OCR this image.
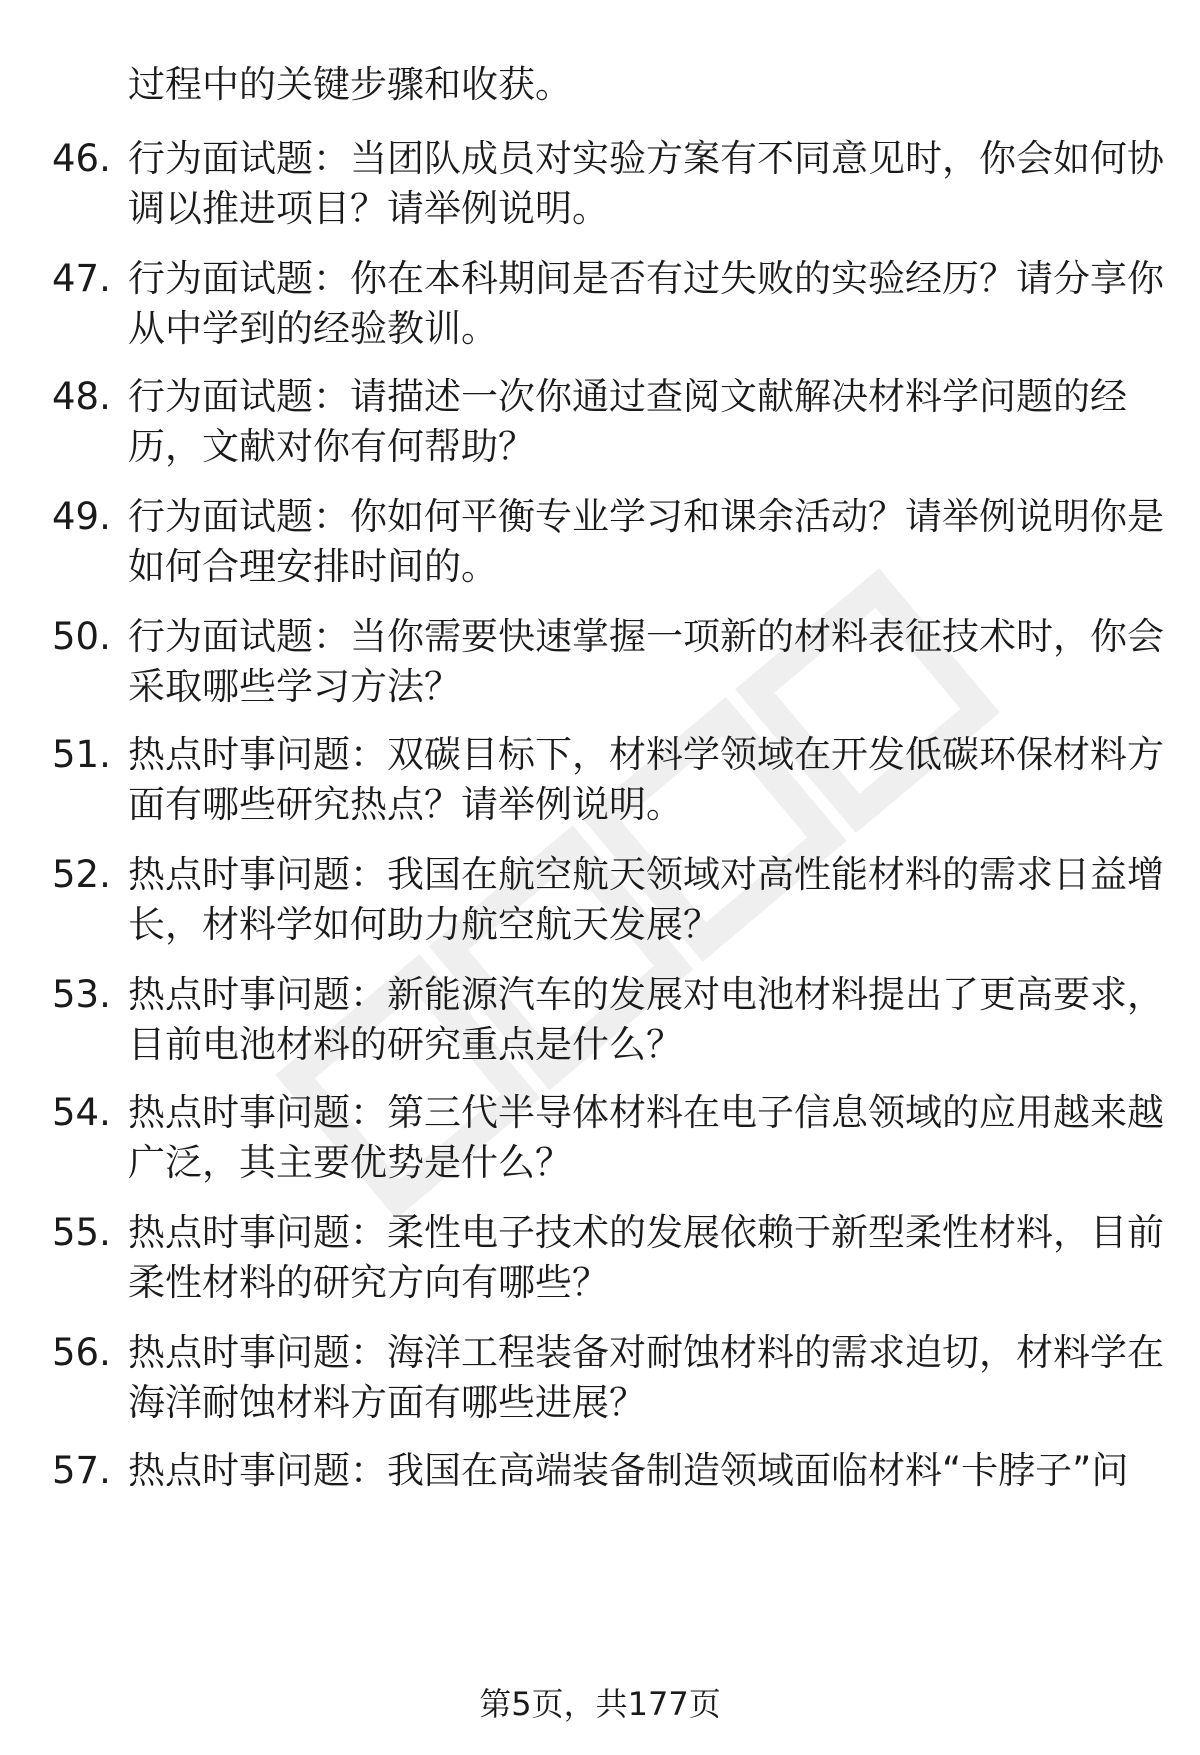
过程中的关键步骤和收获。
46. 行为面试题：当团队成员对实验方案有不同意见时，你会如何协
调以推进项目？请举例说明。
47. 行为面试题：你在本科期间是否有过失败的实验经历？请分享你
从中学到的经验教训。
48. 行为面试题：请描述一次你通过查阅文献解决材料学问题的经
历，文献对你有何帮助？
49. 行为面试题：你如何平衡专业学习和课余活动？请举例说明你是
如何合理安排时间的。
50. 行为面试题：当你需要快速掌握一项新的材料表征技术时，你会
采取哪些学习方法？
51. 热点时事问题：双碳目标下，材料学领域在开发低碳环保材料方
面有哪些研究热点？请举例说明。
52. 热点时事问题：我国在航空航天领域对高性能材料的需求日益增
长，材料学如何助力航空航天发展？
53. 热点时事问题：新能源汽车的发展对电池材料提出了更高要求，
目前电池材料的研究重点是什么？
54. 热点时事问题：第三代半导体材料在电子信息领域的应用越来越
广泛，其主要优势是什么？
55. 热点时事问题：柔性电子技术的发展依赖于新型柔性材料，目前
柔性材料的研究方向有哪些？
56. 热点时事问题：海洋工程装备对耐蚀材料的需求迫切，材料学在
海洋耐蚀材料方面有哪些进展？
57. 热点时事问题：我国在高端装备制造领域面临材料“卡脖子”问
第5页，共177页
